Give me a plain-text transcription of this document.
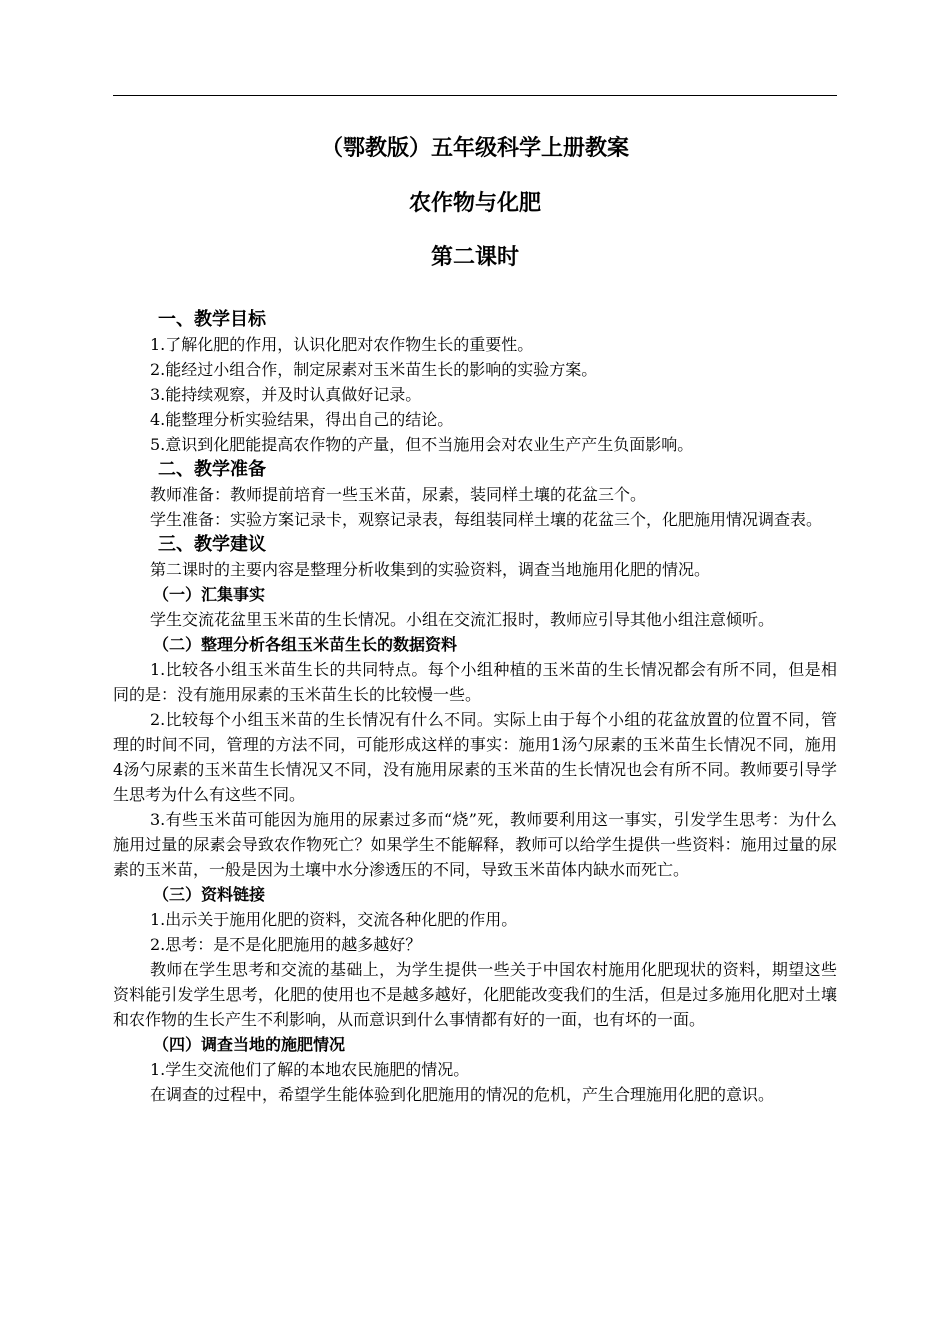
（鄂教版）五年级科学上册教案
农作物与化肥
第二课时
一、教学目标

1.了解化肥的作用，认识化肥对农作物生长的重要性。

2.能经过小组合作，制定尿素对玉米苗生长的影响的实验方案。

3.能持续观察，并及时认真做好记录。

4.能整理分析实验结果，得出自己的结论。

5.意识到化肥能提高农作物的产量，但不当施用会对农业生产产生负面影响。

二、教学准备

教师准备：教师提前培育一些玉米苗，尿素，装同样土壤的花盆三个。

学生准备：实验方案记录卡，观察记录表，每组装同样土壤的花盆三个，化肥施用情况调查表。

三、教学建议

第二课时的主要内容是整理分析收集到的实验资料，调查当地施用化肥的情况。

（一）汇集事实

学生交流花盆里玉米苗的生长情况。小组在交流汇报时，教师应引导其他小组注意倾听。

（二）整理分析各组玉米苗生长的数据资料

1.比较各小组玉米苗生长的共同特点。每个小组种植的玉米苗的生长情况都会有所不同，但是相同的是：没有施用尿素的玉米苗生长的比较慢一些。

2.比较每个小组玉米苗的生长情况有什么不同。实际上由于每个小组的花盆放置的位置不同，管理的时间不同，管理的方法不同，可能形成这样的事实：施用1汤勺尿素的玉米苗生长情况不同，施用4汤勺尿素的玉米苗生长情况又不同，没有施用尿素的玉米苗的生长情况也会有所不同。教师要引导学生思考为什么有这些不同。

3.有些玉米苗可能因为施用的尿素过多而“烧”死，教师要利用这一事实，引发学生思考：为什么施用过量的尿素会导致农作物死亡？如果学生不能解释，教师可以给学生提供一些资料：施用过量的尿素的玉米苗，一般是因为土壤中水分渗透压的不同，导致玉米苗体内缺水而死亡。

（三）资料链接

1.出示关于施用化肥的资料，交流各种化肥的作用。

2.思考：是不是化肥施用的越多越好？

教师在学生思考和交流的基础上，为学生提供一些关于中国农村施用化肥现状的资料，期望这些资料能引发学生思考，化肥的使用也不是越多越好，化肥能改变我们的生活，但是过多施用化肥对土壤和农作物的生长产生不利影响，从而意识到什么事情都有好的一面，也有坏的一面。

（四）调查当地的施肥情况

1.学生交流他们了解的本地农民施肥的情况。

在调查的过程中，希望学生能体验到化肥施用的情况的危机，产生合理施用化肥的意识。
